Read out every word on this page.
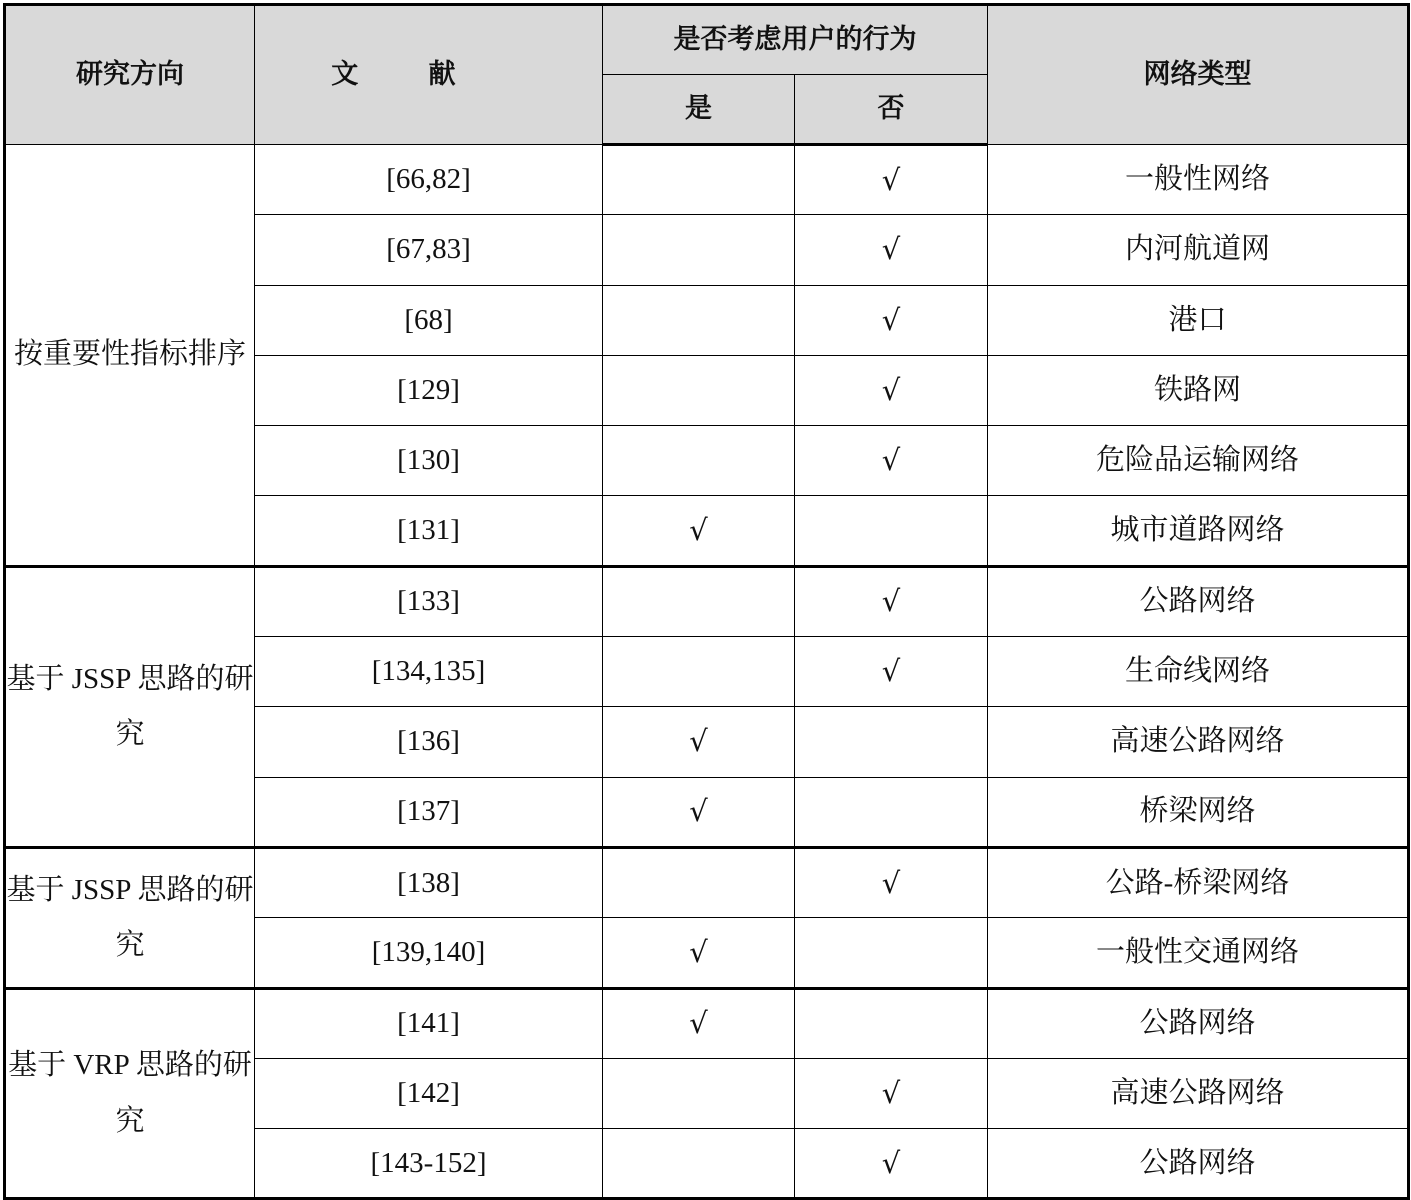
研究方向	文献	是否考虑用户的行为		网络类型
		是	否	
按重要性指标排序	[66,82]		√	一般性网络
	[67,83]		√	内河航道网
	[68]		√	港口
	[129]		√	铁路网
	[130]		√	危险品运输网络
	[131]	√		城市道路网络
基于 JSSP 思路的研究	[133]		√	公路网络
	[134,135]		√	生命线网络
	[136]	√		高速公路网络
	[137]	√		桥梁网络
基于 JSSP 思路的研究	[138]		√	公路-桥梁网络
	[139,140]	√		一般性交通网络
基于 VRP 思路的研究	[141]	√		公路网络
	[142]		√	高速公路网络
	[143-152]		√	公路网络
